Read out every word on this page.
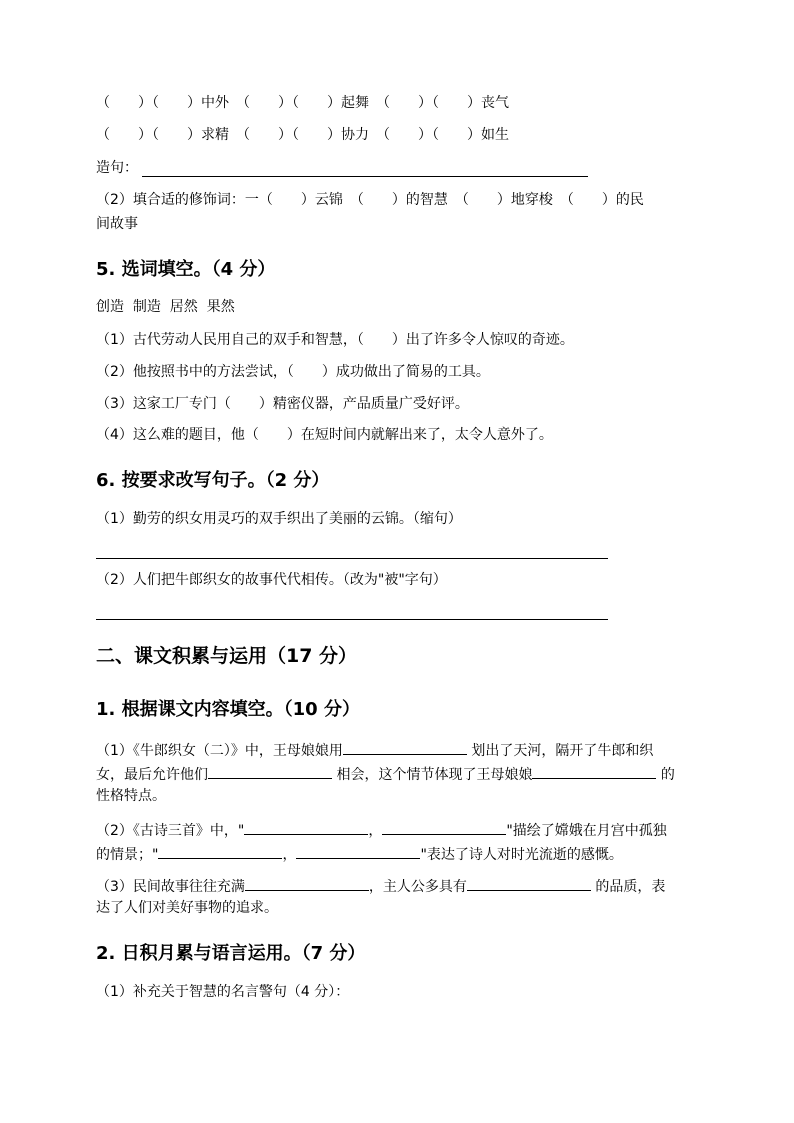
（　　）（　　）中外　（　　）（　　）起舞　（　　）（　　）丧气
（　　）（　　）求精　（　　）（　　）协力　（　　）（　　）如生
造句：
（2）填合适的修饰词：一（　　）云锦　（　　）的智慧　（　　）地穿梭　（　　）的民
间故事
5. 选词填空。（4 分）
创造  制造  居然  果然
（1）古代劳动人民用自己的双手和智慧，（　　）出了许多令人惊叹的奇迹。
（2）他按照书中的方法尝试，（　　）成功做出了简易的工具。
（3）这家工厂专门（　　）精密仪器，产品质量广受好评。
（4）这么难的题目，他（　　）在短时间内就解出来了，太令人意外了。
6. 按要求改写句子。（2 分）
（1）勤劳的织女用灵巧的双手织出了美丽的云锦。（缩句）
（2）人们把牛郎织女的故事代代相传。（改为"被"字句）
二、课文积累与运用（17 分）
1. 根据课文内容填空。（10 分）
（1）《牛郎织女（二）》中，王母娘娘用	划出了天河，隔开了牛郎和织
女，最后允许他们	相会，这个情节体现了王母娘娘	的
性格特点。
（2）《古诗三首》中，"	，	"描绘了嫦娥在月宫中孤独
的情景；"	，	"表达了诗人对时光流逝的感慨。
（3）民间故事往往充满	，主人公多具有	的品质，表
达了人们对美好事物的追求。
2. 日积月累与语言运用。（7 分）
（1）补充关于智慧的名言警句（4 分）：
